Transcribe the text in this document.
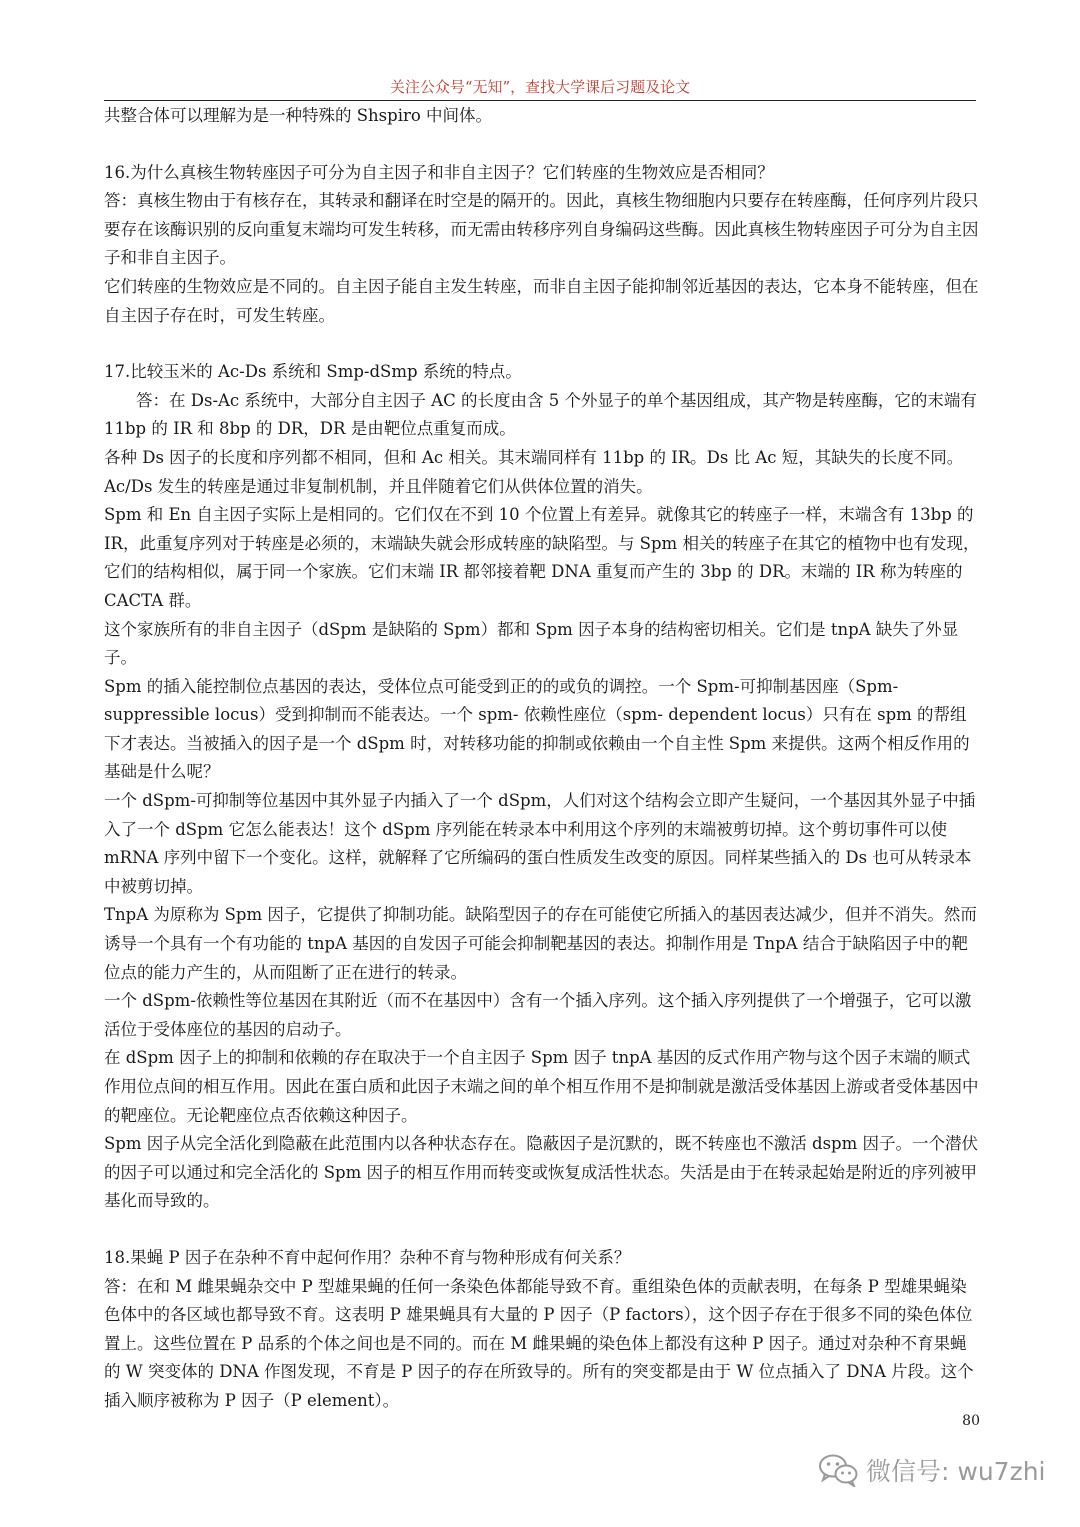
关注公众号“无知”，查找大学课后习题及论文

共整合体可以理解为是一种特殊的 Shspiro 中间体。

16.为什么真核生物转座因子可分为自主因子和非自主因子？它们转座的生物效应是否相同？

答：真核生物由于有核存在，其转录和翻译在时空是的隔开的。因此，真核生物细胞内只要存在转座酶，任何序列片段只要存在该酶识别的反向重复末端均可发生转移，而无需由转移序列自身编码这些酶。因此真核生物转座因子可分为自主因子和非自主因子。

它们转座的生物效应是不同的。自主因子能自主发生转座，而非自主因子能抑制邻近基因的表达，它本身不能转座，但在自主因子存在时，可发生转座。

17.比较玉米的 Ac-Ds 系统和 Smp-dSmp 系统的特点。

答：在 Ds-Ac 系统中，大部分自主因子 AC 的长度由含 5 个外显子的单个基因组成，其产物是转座酶，它的末端有 11bp 的 IR 和 8bp 的 DR，DR 是由靶位点重复而成。

各种 Ds 因子的长度和序列都不相同，但和 Ac 相关。其末端同样有 11bp 的 IR。Ds 比 Ac 短，其缺失的长度不同。Ac/Ds 发生的转座是通过非复制机制，并且伴随着它们从供体位置的消失。

Spm 和 En 自主因子实际上是相同的。它们仅在不到 10 个位置上有差异。就像其它的转座子一样，末端含有 13bp 的 IR，此重复序列对于转座是必须的，末端缺失就会形成转座的缺陷型。与 Spm 相关的转座子在其它的植物中也有发现，它们的结构相似，属于同一个家族。它们末端 IR 都邻接着靶 DNA 重复而产生的 3bp 的 DR。末端的 IR 称为转座的 CACTA 群。

这个家族所有的非自主因子（dSpm 是缺陷的 Spm）都和 Spm 因子本身的结构密切相关。它们是 tnpA 缺失了外显子。

Spm 的插入能控制位点基因的表达，受体位点可能受到正的的或负的调控。一个 Spm-可抑制基因座（Spm-suppressible locus）受到抑制而不能表达。一个 spm- 依赖性座位（spm- dependent locus）只有在 spm 的帮组下才表达。当被插入的因子是一个 dSpm 时，对转移功能的抑制或依赖由一个自主性 Spm 来提供。这两个相反作用的基础是什么呢？

一个 dSpm-可抑制等位基因中其外显子内插入了一个 dSpm，人们对这个结构会立即产生疑问，一个基因其外显子中插入了一个 dSpm 它怎么能表达！这个 dSpm 序列能在转录本中利用这个序列的末端被剪切掉。这个剪切事件可以使 mRNA 序列中留下一个变化。这样，就解释了它所编码的蛋白性质发生改变的原因。同样某些插入的 Ds 也可从转录本中被剪切掉。

TnpA 为原称为 Spm 因子，它提供了抑制功能。缺陷型因子的存在可能使它所插入的基因表达减少，但并不消失。然而诱导一个具有一个有功能的 tnpA 基因的自发因子可能会抑制靶基因的表达。抑制作用是 TnpA 结合于缺陷因子中的靶位点的能力产生的，从而阻断了正在进行的转录。

一个 dSpm-依赖性等位基因在其附近（而不在基因中）含有一个插入序列。这个插入序列提供了一个增强子，它可以激活位于受体座位的基因的启动子。

在 dSpm 因子上的抑制和依赖的存在取决于一个自主因子 Spm 因子 tnpA 基因的反式作用产物与这个因子末端的顺式作用位点间的相互作用。因此在蛋白质和此因子末端之间的单个相互作用不是抑制就是激活受体基因上游或者受体基因中的靶座位。无论靶座位点否依赖这种因子。

Spm 因子从完全活化到隐蔽在此范围内以各种状态存在。隐蔽因子是沉默的，既不转座也不激活 dspm 因子。一个潜伏的因子可以通过和完全活化的 Spm 因子的相互作用而转变或恢复成活性状态。失活是由于在转录起始是附近的序列被甲基化而导致的。

18.果蝇 P 因子在杂种不育中起何作用？杂种不育与物种形成有何关系？

答：在和 M 雌果蝇杂交中 P 型雄果蝇的任何一条染色体都能导致不育。重组染色体的贡献表明，在每条 P 型雄果蝇染色体中的各区域也都导致不育。这表明 P 雄果蝇具有大量的 P 因子（P factors），这个因子存在于很多不同的染色体位置上。这些位置在 P 品系的个体之间也是不同的。而在 M 雌果蝇的染色体上都没有这种 P 因子。通过对杂种不育果蝇的 W 突变体的 DNA 作图发现，不育是 P 因子的存在所致导的。所有的突变都是由于 W 位点插入了 DNA 片段。这个插入顺序被称为 P 因子（P element）。

80
微信号: wu7zhi
